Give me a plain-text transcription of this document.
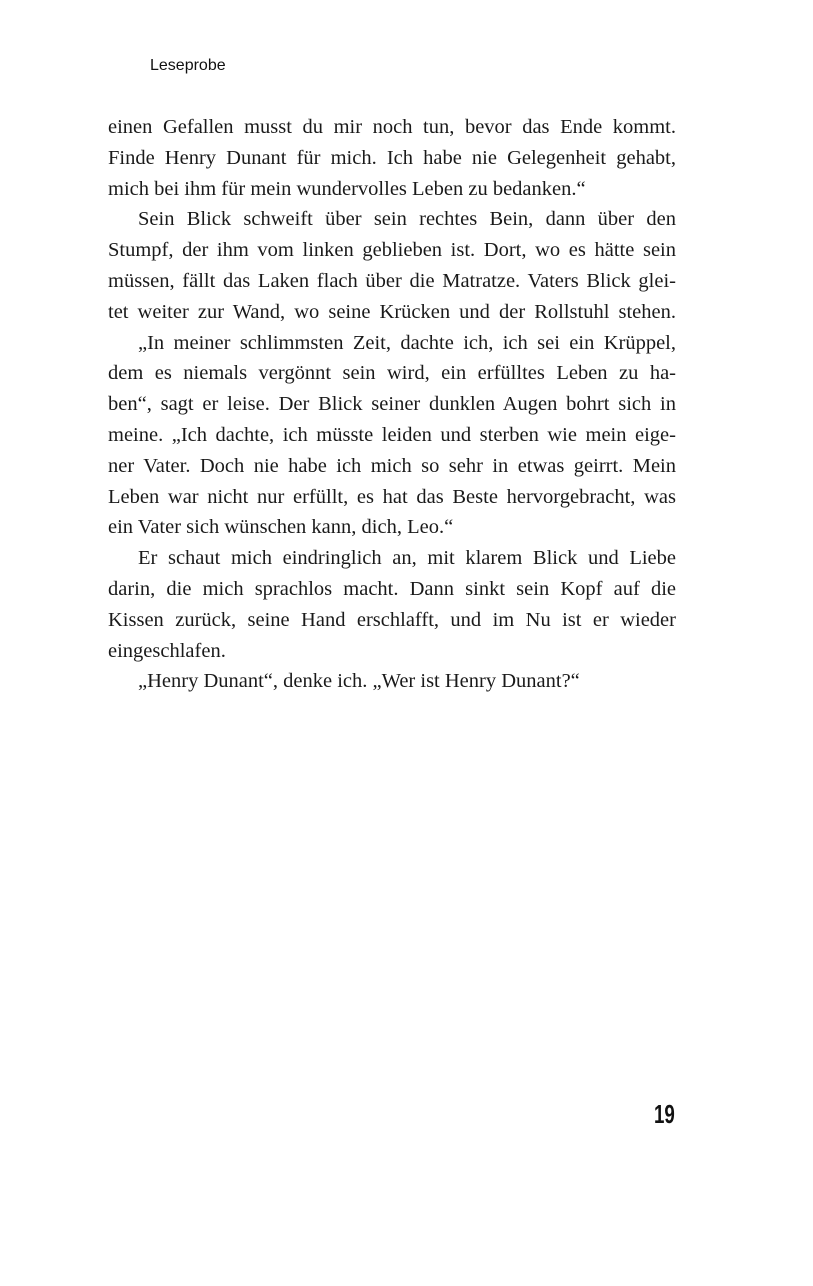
Leseprobe
einen Gefallen musst du mir noch tun, bevor das Ende kommt.
Finde Henry Dunant für mich. Ich habe nie Gelegenheit gehabt,
mich bei ihm für mein wundervolles Leben zu bedanken.“
Sein Blick schweift über sein rechtes Bein, dann über den
Stumpf, der ihm vom linken geblieben ist. Dort, wo es hätte sein
müssen, fällt das Laken flach über die Matratze. Vaters Blick glei-
tet weiter zur Wand, wo seine Krücken und der Rollstuhl stehen.
„In meiner schlimmsten Zeit, dachte ich, ich sei ein Krüppel,
dem es niemals vergönnt sein wird, ein erfülltes Leben zu ha-
ben“, sagt er leise. Der Blick seiner dunklen Augen bohrt sich in
meine. „Ich dachte, ich müsste leiden und sterben wie mein eige-
ner Vater. Doch nie habe ich mich so sehr in etwas geirrt. Mein
Leben war nicht nur erfüllt, es hat das Beste hervorgebracht, was
ein Vater sich wünschen kann, dich, Leo.“
Er schaut mich eindringlich an, mit klarem Blick und Liebe
darin, die mich sprachlos macht. Dann sinkt sein Kopf auf die
Kissen zurück, seine Hand erschlafft, und im Nu ist er wieder
eingeschlafen.
„Henry Dunant“, denke ich. „Wer ist Henry Dunant?“
19
